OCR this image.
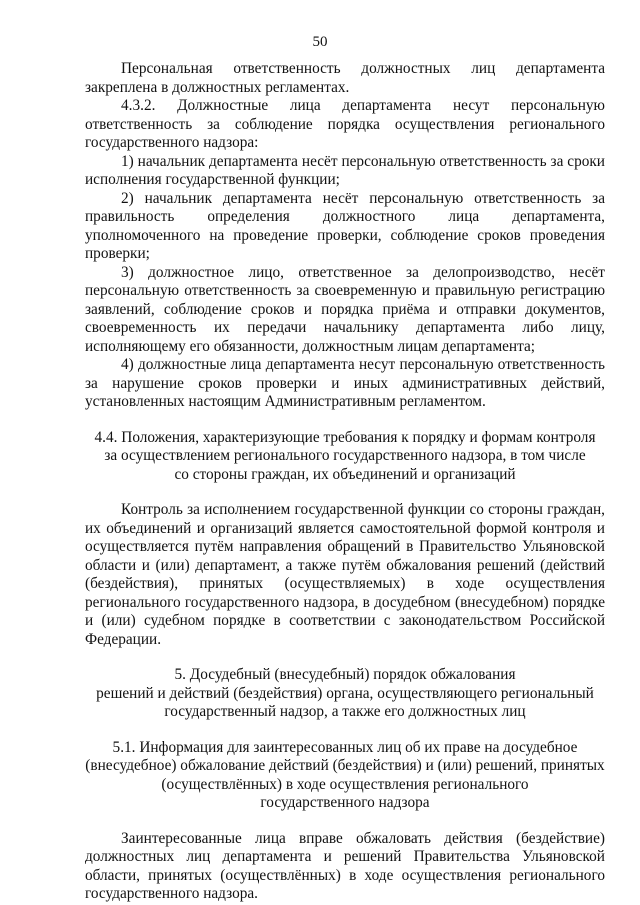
50

Персональная ответственность должностных лиц департамента закреплена в должностных регламентах.

4.3.2. Должностные лица департамента несут персональную ответственность за соблюдение порядка осуществления регионального государственного надзора:

1) начальник департамента несёт персональную ответственность за сроки исполнения государственной функции;

2) начальник департамента несёт персональную ответственность за правильность определения должностного лица департамента, уполномоченного на проведение проверки, соблюдение сроков проведения проверки;

3) должностное лицо, ответственное за делопроизводство, несёт персональную ответственность за своевременную и правильную регистрацию заявлений, соблюдение сроков и порядка приёма и отправки документов, своевременность их передачи начальнику департамента либо лицу, исполняющему его обязанности, должностным лицам департамента;

4) должностные лица департамента несут персональную ответственность за нарушение сроков проверки и иных административных действий, установленных настоящим Административным регламентом.

4.4. Положения, характеризующие требования к порядку и формам контроля

за осуществлением регионального государственного надзора, в том числе

со стороны граждан, их объединений и организаций

Контроль за исполнением государственной функции со стороны граждан, их объединений и организаций является самостоятельной формой контроля и осуществляется путём направления обращений в Правительство Ульяновской области и (или) департамент, а также путём обжалования решений (действий (бездействия), принятых (осуществляемых) в ходе осуществления регионального государственного надзора, в досудебном (внесудебном) порядке и (или) судебном порядке в соответствии с законодательством Российской Федерации.

5. Досудебный (внесудебный) порядок обжалования

решений и действий (бездействия) органа, осуществляющего региональный

государственный надзор, а также его должностных лиц

5.1. Информация для заинтересованных лиц об их праве на досудебное

(внесудебное) обжалование действий (бездействия) и (или) решений, принятых

(осуществлённых) в ходе осуществления регионального

государственного надзора

Заинтересованные лица вправе обжаловать действия (бездействие) должностных лиц департамента и решений Правительства Ульяновской области, принятых (осуществлённых) в ходе осуществления регионального государственного надзора.
